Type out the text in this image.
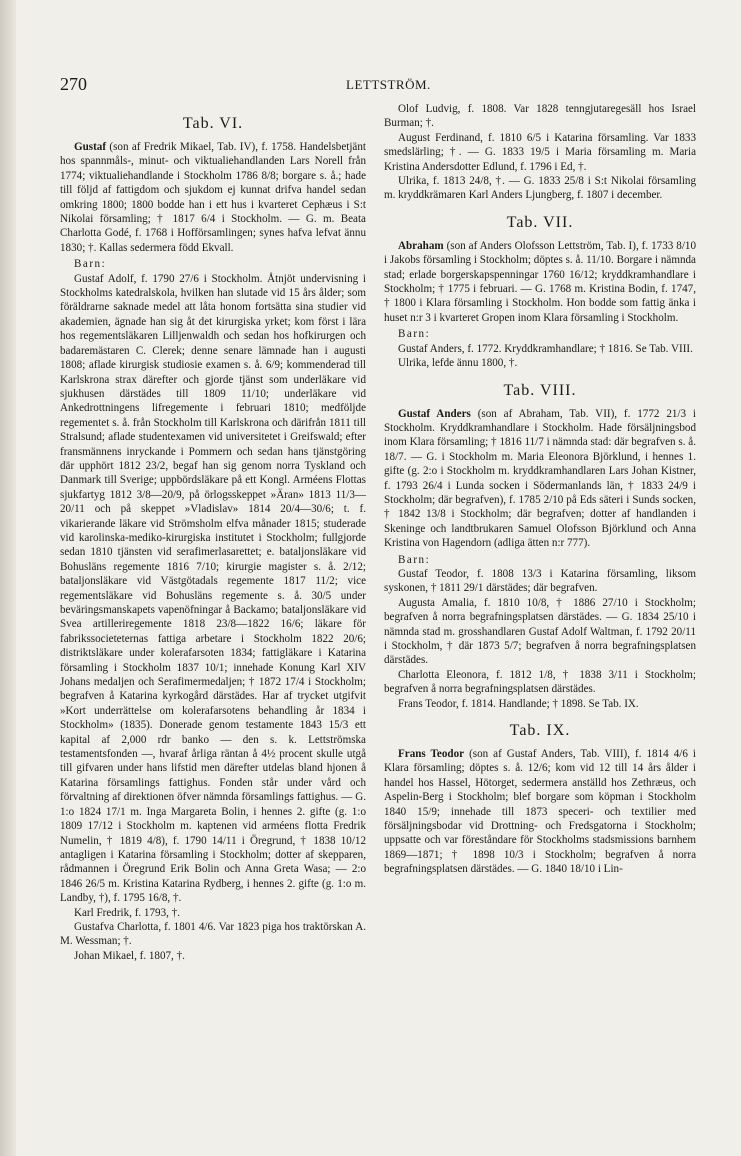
270	LETTSTRÖM.
Tab. VI.

Gustaf (son af Fredrik Mikael, Tab. IV), f. 1758. Handelsbetjänt hos spannmåls-, minut- och viktualiehandlanden Lars Norell från 1774; viktualiehandlande i Stockholm 1786 8/8; borgare s. å.; hade till följd af fattigdom och sjukdom ej kunnat drifva handel sedan omkring 1800; 1800 bodde han i ett hus i kvarteret Cephæus i S:t Nikolai församling; † 1817 6/4 i Stockholm. — G. m. Beata Charlotta Godé, f. 1768 i Hofförsamlingen; synes hafva lefvat ännu 1830; †. Kallas sedermera född Ekvall.

Barn:

Gustaf Adolf, f. 1790 27/6 i Stockholm. Åtnjöt undervisning i Stockholms katedralskola, hvilken han slutade vid 15 års ålder; som föräldrarne saknade medel att låta honom fortsätta sina studier vid akademien, ägnade han sig åt det kirurgiska yrket; kom först i lära hos regementsläkaren Lilljenwaldh och sedan hos hofkirurgen och badaremästaren C. Clerek; denne senare lämnade han i augusti 1808; aflade kirurgisk studiosie examen s. å. 6/9; kommenderad till Karlskrona strax därefter och gjorde tjänst som underläkare vid sjukhusen därstädes till 1809 11/10; underläkare vid Ankedrottningens lifregemente i februari 1810; medföljde regementet s. å. från Stockholm till Karlskrona och därifrån 1811 till Stralsund; aflade studentexamen vid universitetet i Greifswald; efter fransmännens inryckande i Pommern och sedan hans tjänstgöring där upphört 1812 23/2, begaf han sig genom norra Tyskland och Danmark till Sverige; uppbördsläkare på ett Kongl. Arméens Flottas sjukfartyg 1812 3/8—20/9, på örlogsskeppet »Äran» 1813 11/3—20/11 och på skeppet »Vladislav» 1814 20/4—30/6; t. f. vikarierande läkare vid Strömsholm elfva månader 1815; studerade vid karolinska-mediko-kirurgiska institutet i Stockholm; fullgjorde sedan 1810 tjänsten vid serafimerlasarettet; e. bataljonsläkare vid Bohusläns regemente 1816 7/10; kirurgie magister s. å. 2/12; bataljonsläkare vid Västgötadals regemente 1817 11/2; vice regementsläkare vid Bohusläns regemente s. å. 30/5 under beväringsmanskapets vapenöfningar å Backamo; bataljonsläkare vid Svea artilleriregemente 1818 23/8—1822 16/6; läkare för fabrikssocieteternas fattiga arbetare i Stockholm 1822 20/6; distriktsläkare under kolerafarsoten 1834; fattigläkare i Katarina församling i Stockholm 1837 10/1; innehade Konung Karl XIV Johans medaljen och Serafimermedaljen; † 1872 17/4 i Stockholm; begrafven å Katarina kyrkogård därstädes. Har af trycket utgifvit »Kort underrättelse om kolerafarsotens behandling år 1834 i Stockholm» (1835). Donerade genom testamente 1843 15/3 ett kapital af 2,000 rdr banko — den s. k. Lettströmska testamentsfonden —, hvaraf årliga räntan å 4½ procent skulle utgå till gifvaren under hans lifstid men därefter utdelas bland hjonen å Katarina församlings fattighus. Fonden står under vård och förvaltning af direktionen öfver nämnda församlings fattighus. — G. 1:o 1824 17/1 m. Inga Margareta Bolin, i hennes 2. gifte (g. 1:o 1809 17/12 i Stockholm m. kaptenen vid arméens flotta Fredrik Numelin, † 1819 4/8), f. 1790 14/11 i Öregrund, † 1838 10/12 antagligen i Katarina församling i Stockholm; dotter af skepparen, rådmannen i Öregrund Erik Bolin och Anna Greta Wasa; — 2:o 1846 26/5 m. Kristina Katarina Rydberg, i hennes 2. gifte (g. 1:o m. Landby, †), f. 1795 16/8, †.

Karl Fredrik, f. 1793, †.

Gustafva Charlotta, f. 1801 4/6. Var 1823 piga hos traktörskan A. M. Wessman; †.

Johan Mikael, f. 1807, †.

Olof Ludvig, f. 1808. Var 1828 tenngjutaregesäll hos Israel Burman; †.

August Ferdinand, f. 1810 6/5 i Katarina församling. Var 1833 smedslärling; †. — G. 1833 19/5 i Maria församling m. Maria Kristina Andersdotter Edlund, f. 1796 i Ed, †.

Ulrika, f. 1813 24/8, †. — G. 1833 25/8 i S:t Nikolai församling m. kryddkrämaren Karl Anders Ljungberg, f. 1807 i december.

Tab. VII.

Abraham (son af Anders Olofsson Lettström, Tab. I), f. 1733 8/10 i Jakobs församling i Stockholm; döptes s. å. 11/10. Borgare i nämnda stad; erlade borgerskapspenningar 1760 16/12; kryddkramhandlare i Stockholm; † 1775 i februari. — G. 1768 m. Kristina Bodin, f. 1747, † 1800 i Klara församling i Stockholm. Hon bodde som fattig änka i huset n:r 3 i kvarteret Gropen inom Klara församling i Stockholm.

Barn:

Gustaf Anders, f. 1772. Kryddkramhandlare; † 1816. Se Tab. VIII.

Ulrika, lefde ännu 1800, †.

Tab. VIII.

Gustaf Anders (son af Abraham, Tab. VII), f. 1772 21/3 i Stockholm. Kryddkramhandlare i Stockholm. Hade försäljningsbod inom Klara församling; † 1816 11/7 i nämnda stad: där begrafven s. å. 18/7. — G. i Stockholm m. Maria Eleonora Björklund, i hennes 1. gifte (g. 2:o i Stockholm m. kryddkramhandlaren Lars Johan Kistner, f. 1793 26/4 i Lunda socken i Södermanlands län, † 1833 24/9 i Stockholm; där begrafven), f. 1785 2/10 på Eds säteri i Sunds socken, † 1842 13/8 i Stockholm; där begrafven; dotter af handlanden i Skeninge och landtbrukaren Samuel Olofsson Björklund och Anna Kristina von Hagendorn (adliga ätten n:r 777).

Barn:

Gustaf Teodor, f. 1808 13/3 i Katarina församling, liksom syskonen, † 1811 29/1 därstädes; där begrafven.

Augusta Amalia, f. 1810 10/8, † 1886 27/10 i Stockholm; begrafven å norra begrafningsplatsen därstädes. — G. 1834 25/10 i nämnda stad m. grosshandlaren Gustaf Adolf Waltman, f. 1792 20/11 i Stockholm, † där 1873 5/7; begrafven å norra begrafningsplatsen därstädes.

Charlotta Eleonora, f. 1812 1/8, † 1838 3/11 i Stockholm; begrafven å norra begrafningsplatsen därstädes.

Frans Teodor, f. 1814. Handlande; † 1898. Se Tab. IX.

Tab. IX.

Frans Teodor (son af Gustaf Anders, Tab. VIII), f. 1814 4/6 i Klara församling; döptes s. å. 12/6; kom vid 12 till 14 års ålder i handel hos Hassel, Hötorget, sedermera anställd hos Zethræus, och Aspelin-Berg i Stockholm; blef borgare som köpman i Stockholm 1840 15/9; innehade till 1873 speceri- och textilier med försäljningsbodar vid Drottning- och Fredsgatorna i Stockholm; uppsatte och var föreståndare för Stockholms stadsmissions barnhem 1869—1871; † 1898 10/3 i Stockholm; begrafven å norra begrafningsplatsen därstädes. — G. 1840 18/10 i Lin-
